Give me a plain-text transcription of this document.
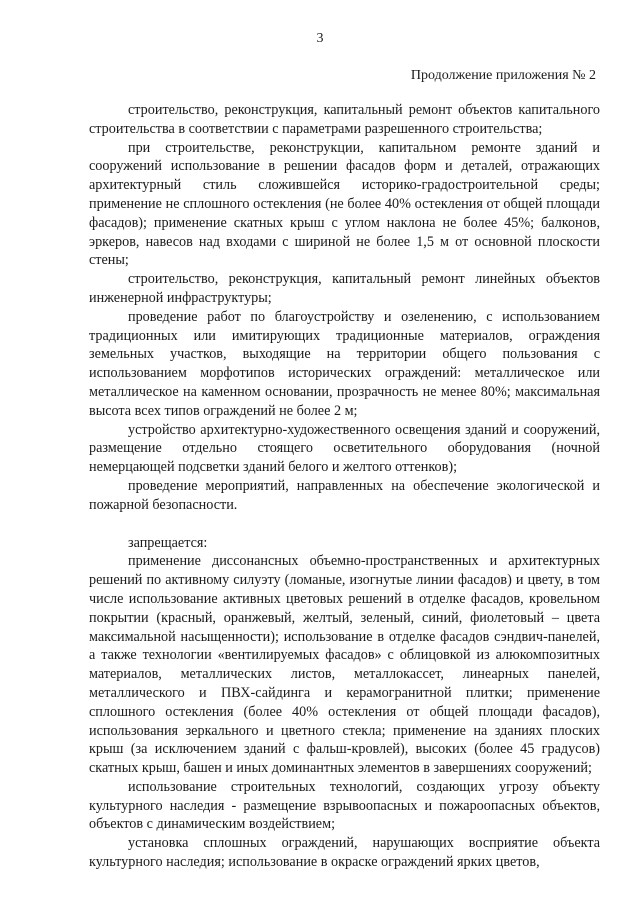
3
Продолжение приложения № 2

строительство, реконструкция, капитальный ремонт объектов капитального строительства в соответствии с параметрами разрешенного строительства;

при строительстве, реконструкции, капитальном ремонте зданий и сооружений использование в решении фасадов форм и деталей, отражающих архитектурный стиль сложившейся историко-градостроительной среды; применение не сплошного остекления (не более 40% остекления от общей площади фасадов); применение скатных крыш с углом наклона не более 45%; балконов, эркеров, навесов над входами с шириной не более 1,5 м от основной плоскости стены;

строительство, реконструкция, капитальный ремонт линейных объектов инженерной инфраструктуры;

проведение работ по благоустройству и озеленению, с использованием традиционных или имитирующих традиционные материалов, ограждения земельных участков, выходящие на территории общего пользования с использованием морфотипов исторических ограждений: металлическое или металлическое на каменном основании, прозрачность не менее 80%; максимальная высота всех типов ограждений не более 2 м;

устройство архитектурно-художественного освещения зданий и сооружений, размещение отдельно стоящего осветительного оборудования (ночной немерцающей подсветки зданий белого и желтого оттенков);

проведение мероприятий, направленных на обеспечение экологической и пожарной безопасности.

запрещается:

применение диссонансных объемно-пространственных и архитектурных решений по активному силуэту (ломаные, изогнутые линии фасадов) и цвету, в том числе использование активных цветовых решений в отделке фасадов, кровельном покрытии (красный, оранжевый, желтый, зеленый, синий, фиолетовый – цвета максимальной насыщенности); использование в отделке фасадов сэндвич-панелей, а также технологии «вентилируемых фасадов» с облицовкой из алюкомпозитных материалов, металлических листов, металлокассет, линеарных панелей, металлического и ПВХ-сайдинга и керамогранитной плитки; применение сплошного остекления (более 40% остекления от общей площади фасадов), использования зеркального и цветного стекла; применение на зданиях плоских крыш (за исключением зданий с фальш-кровлей), высоких (более 45 градусов) скатных крыш, башен и иных доминантных элементов в завершениях сооружений;

использование строительных технологий, создающих угрозу объекту культурного наследия - размещение взрывоопасных и пожароопасных объектов, объектов с динамическим воздействием;

установка сплошных ограждений, нарушающих восприятие объекта культурного наследия; использование в окраске ограждений ярких цветов,
